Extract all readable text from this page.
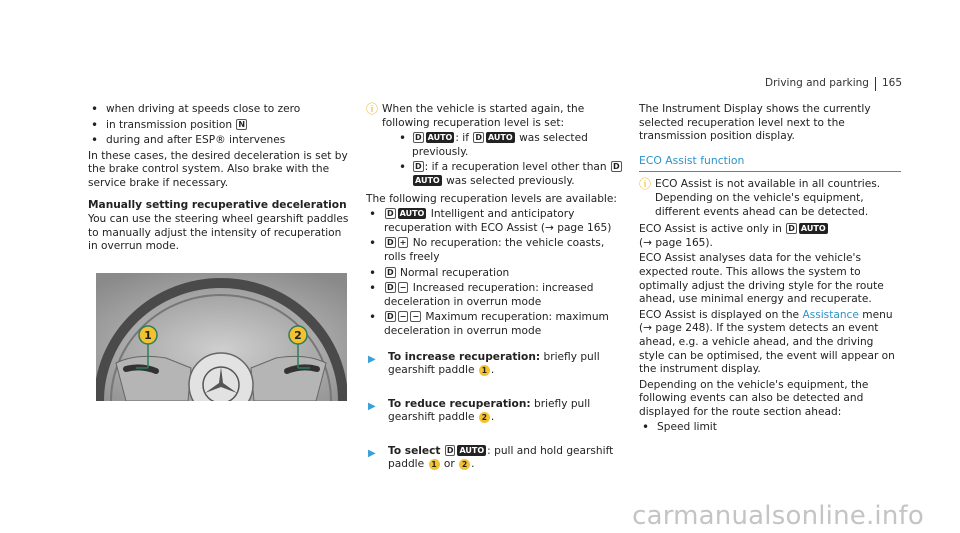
Driving and parking 165
• when driving at speeds close to zero
• in transmission position N
• during and after ESP® intervenes

In these cases, the desired deceleration is set by the brake control system. Also brake with the service brake if necessary.

Manually setting recuperative deceleration

You can use the steering wheel gearshift paddles to manually adjust the intensity of recuperation in overrun mode.

1	2
ⓘ When the vehicle is started again, the following recuperation level is set:

• D AUTO : if D AUTO was selected previously.
• D : if a recuperation level other than DAUTO was selected previously.

The following recuperation levels are available:

• D AUTO Intelligent and anticipatory recuperation with ECO Assist (→ page 165)
• D + No recuperation: the vehicle coasts, rolls freely
• D Normal recuperation
• D − Increased recuperation: increased deceleration in overrun mode
• D − − Maximum recuperation: maximum deceleration in overrun mode
▶ To increase recuperation: briefly pull gearshift paddle 1 .
▶ To reduce recuperation: briefly pull gearshift paddle 2 .
▶ To select D AUTO : pull and hold gearshift paddle 1 or 2 .

The Instrument Display shows the currently selected recuperation level next to the transmission position display.

ECO Assist function
ⓘ ECO Assist is not available in all countries. Depending on the vehicle's equipment, different events ahead can be detected.

ECO Assist is active only in D AUTO
(→ page 165).

ECO Assist analyses data for the vehicle's expected route. This allows the system to optimally adjust the driving style for the route ahead, use minimal energy and recuperate.

ECO Assist is displayed on the Assistance menu (→ page 248). If the system detects an event ahead, e.g. a vehicle ahead, and the driving style can be optimised, the event will appear on the instrument display.

Depending on the vehicle's equipment, the following events can also be detected and displayed for the route section ahead:

• Speed limit
carmanualsonline.info
